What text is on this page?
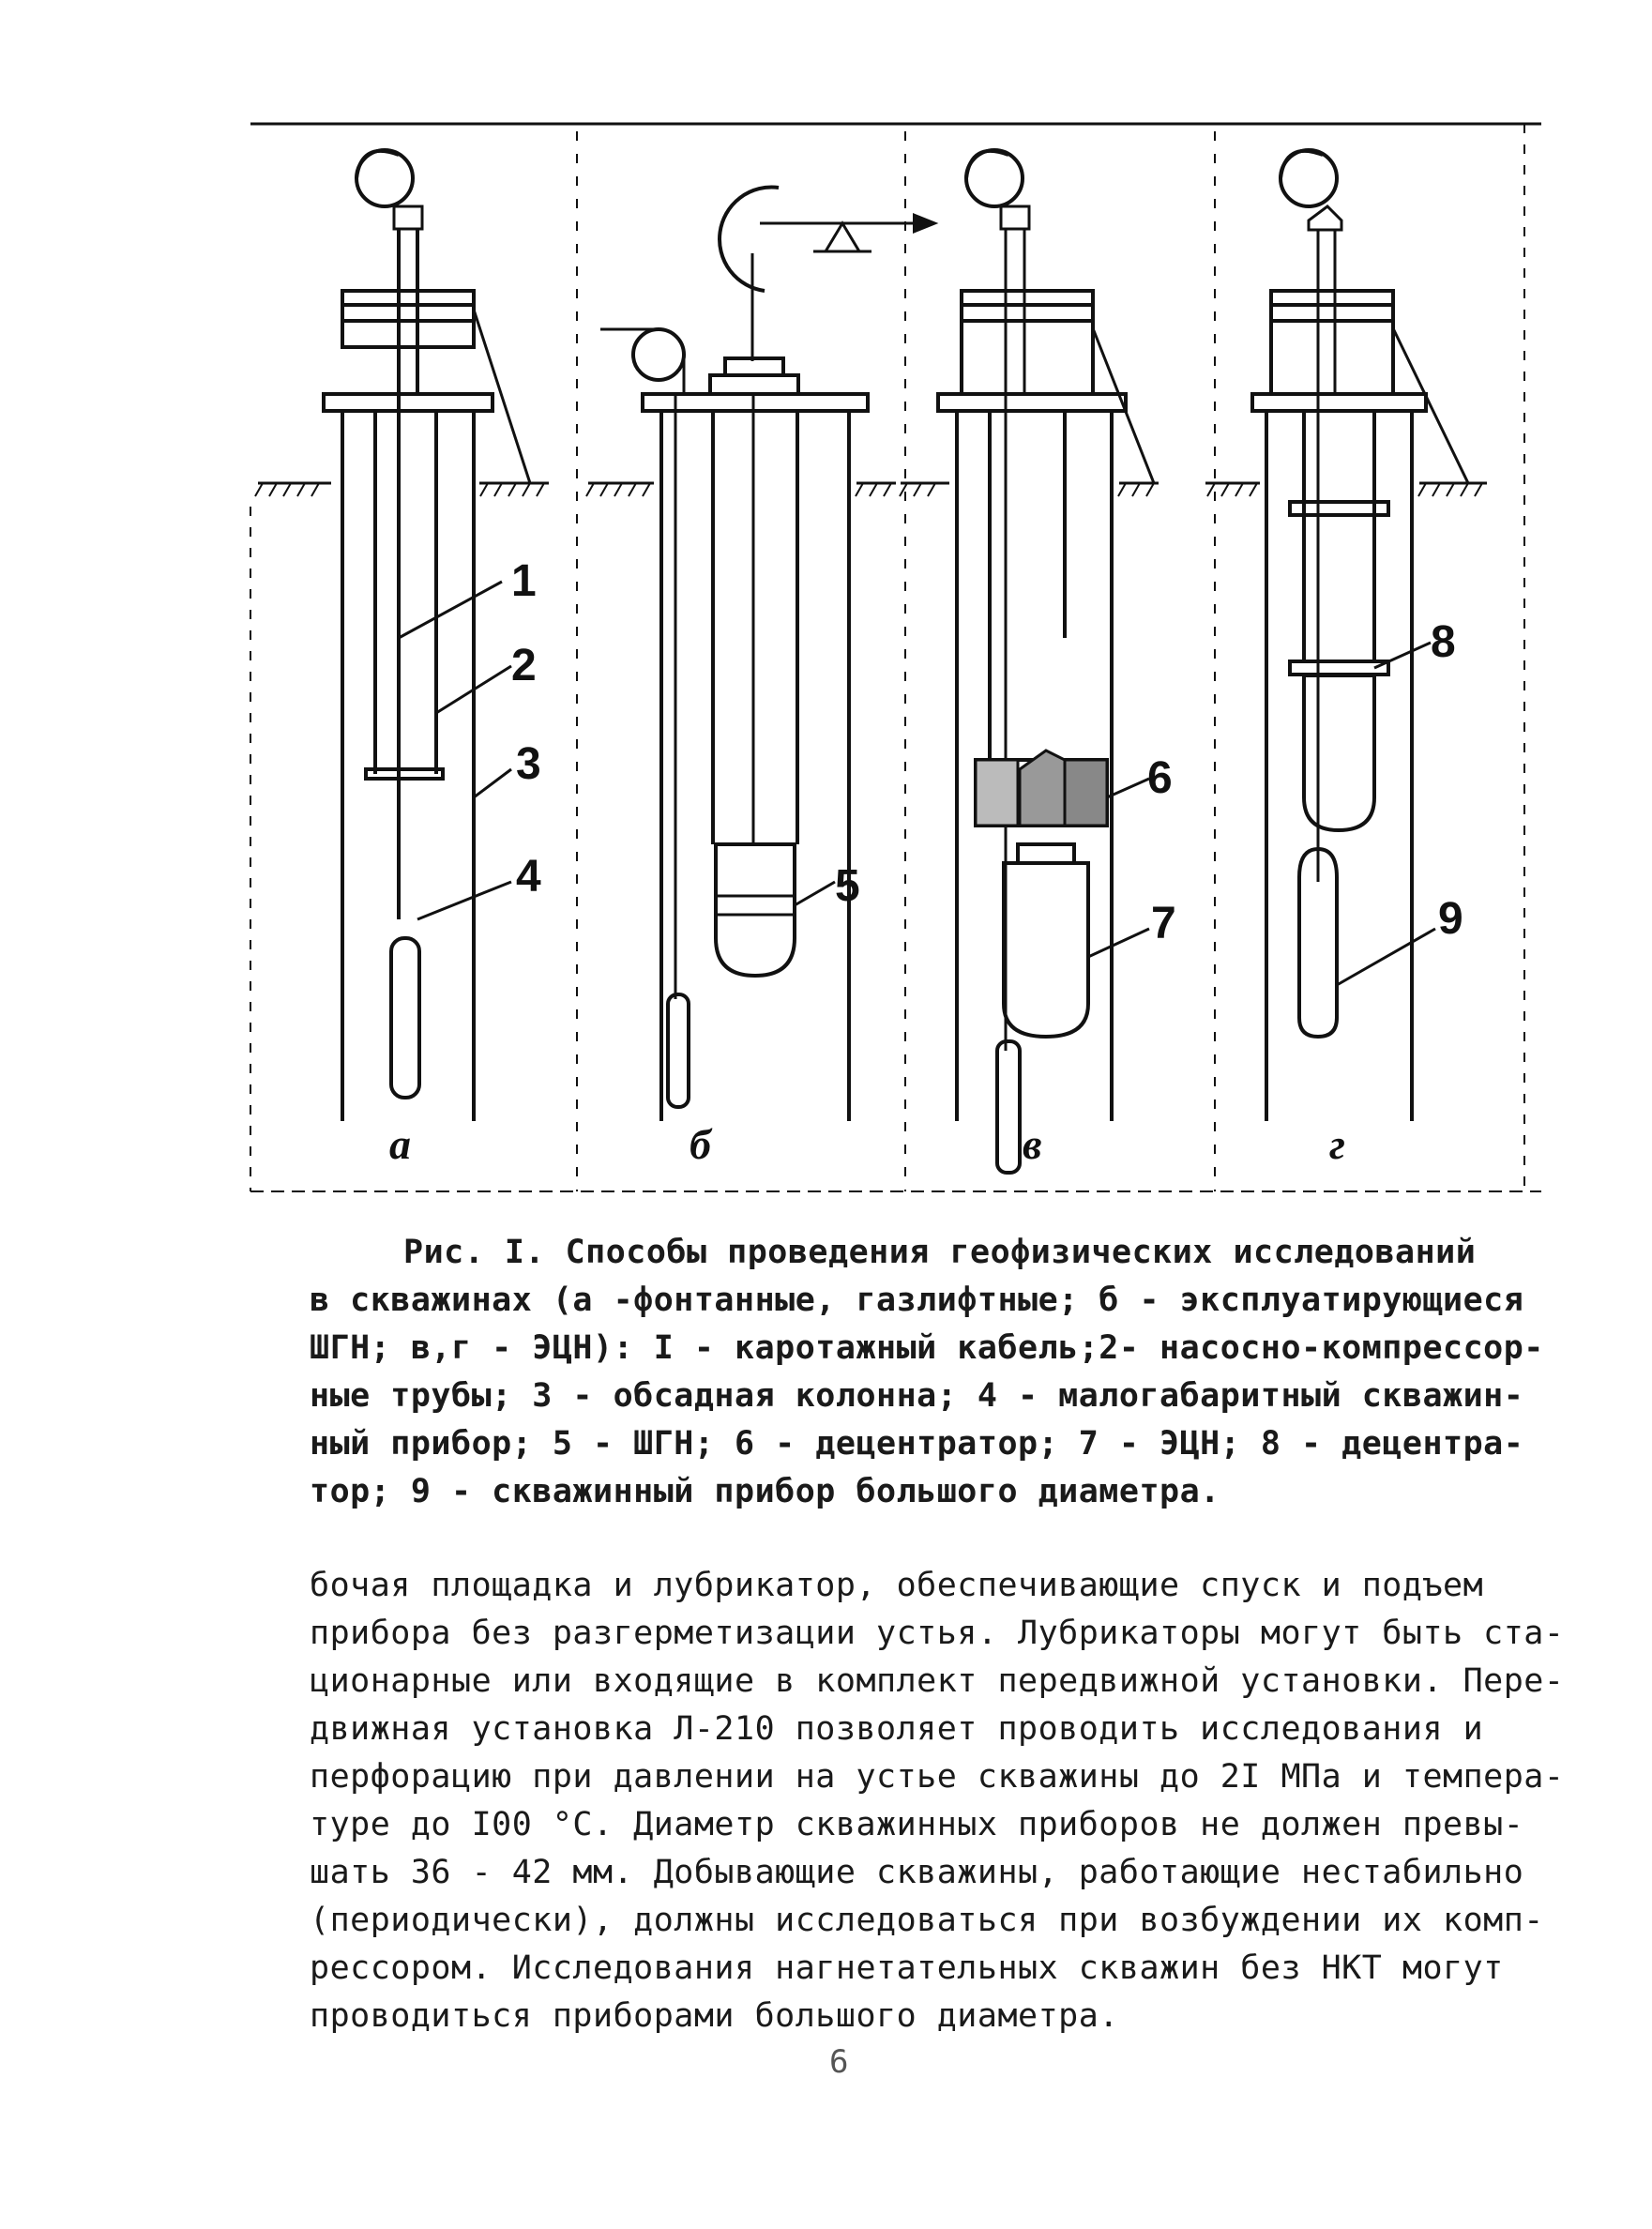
1
2
3
4
а
5
б
6
7
в
8
9
г
Рис. I. Способы проведения геофизических исследований
в скважинах (а -фонтанные, газлифтные; б - эксплуатирующиеся
ШГН; в,г - ЭЦН): I - каротажный кабель;2- насосно-компрессор-
ные трубы; 3 - обсадная колонна; 4 - малогабаритный скважин-
ный прибор; 5 - ШГН; 6 - децентратор; 7 - ЭЦН; 8 - децентра-
тор; 9 - скважинный прибор большого диаметра.
бочая площадка и лубрикатор, обеспечивающие спуск и подъем
прибора без разгерметизации устья. Лубрикаторы могут быть ста-
ционарные или входящие в комплект передвижной установки. Пере-
движная установка Л-210 позволяет проводить исследования и
перфорацию при давлении на устье скважины до 2I МПа и темпера-
туре до I00 °C. Диаметр скважинных приборов не должен превы-
шать 36 - 42 мм. Добывающие скважины, работающие нестабильно
(периодически), должны исследоваться при возбуждении их комп-
рессором. Исследования нагнетательных скважин без НКТ могут
проводиться приборами большого диаметра.
6
